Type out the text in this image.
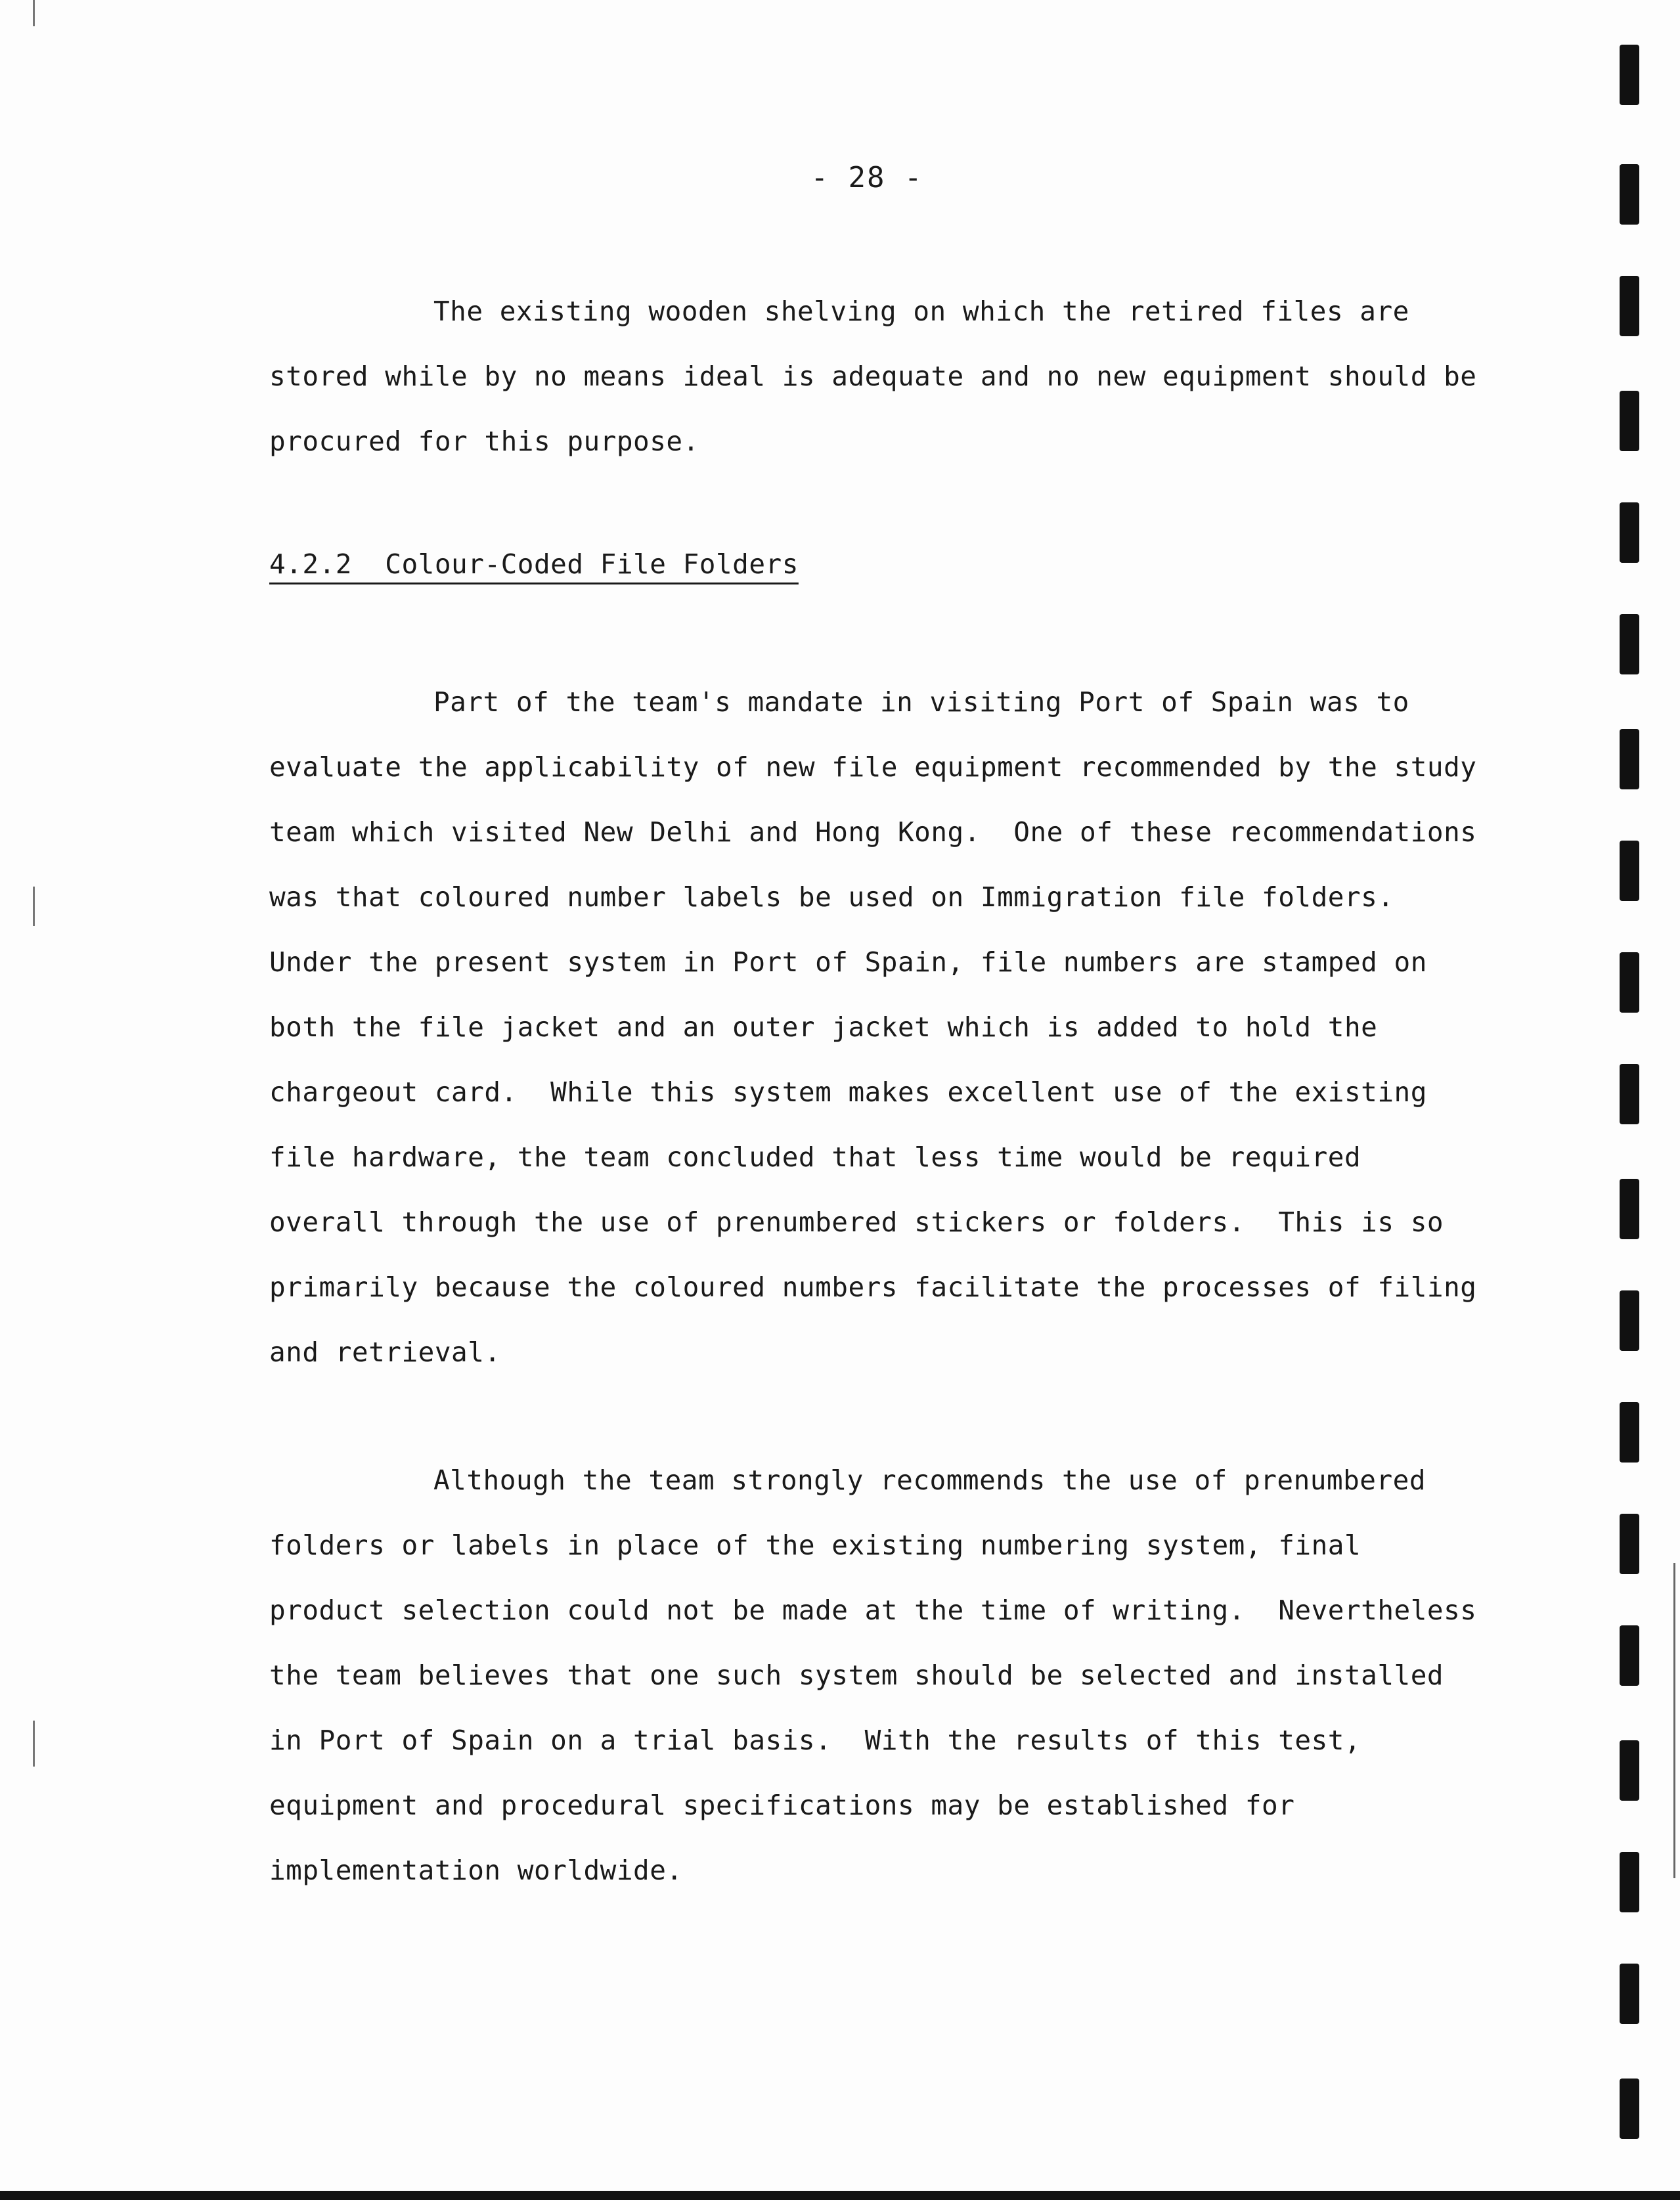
- 28 -
The existing wooden shelving on which the retired files are
stored while by no means ideal is adequate and no new equipment should be
procured for this purpose.
4.2.2  Colour-Coded File Folders
Part of the team's mandate in visiting Port of Spain was to
evaluate the applicability of new file equipment recommended by the study
team which visited New Delhi and Hong Kong.  One of these recommendations
was that coloured number labels be used on Immigration file folders.
Under the present system in Port of Spain, file numbers are stamped on
both the file jacket and an outer jacket which is added to hold the
chargeout card.  While this system makes excellent use of the existing
file hardware, the team concluded that less time would be required
overall through the use of prenumbered stickers or folders.  This is so
primarily because the coloured numbers facilitate the processes of filing
and retrieval.
Although the team strongly recommends the use of prenumbered
folders or labels in place of the existing numbering system, final
product selection could not be made at the time of writing.  Nevertheless
the team believes that one such system should be selected and installed
in Port of Spain on a trial basis.  With the results of this test,
equipment and procedural specifications may be established for
implementation worldwide.
